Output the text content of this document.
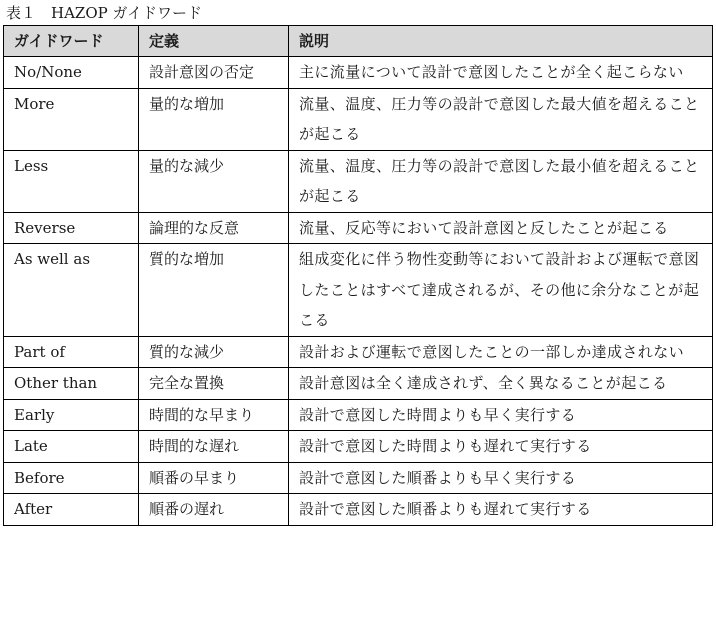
表１　HAZOP ガイドワード
ガイドワード	定義	説明
No/None	設計意図の否定	主に流量について設計で意図したことが全く起こらない
More	量的な増加	流量、温度、圧力等の設計で意図した最大値を超えることが起こる
Less	量的な減少	流量、温度、圧力等の設計で意図した最小値を超えることが起こる
Reverse	論理的な反意	流量、反応等において設計意図と反したことが起こる
As well as	質的な増加	組成変化に伴う物性変動等において設計および運転で意図したことはすべて達成されるが、その他に余分なことが起こる
Part of	質的な減少	設計および運転で意図したことの一部しか達成されない
Other than	完全な置換	設計意図は全く達成されず、全く異なることが起こる
Early	時間的な早まり	設計で意図した時間よりも早く実行する
Late	時間的な遅れ	設計で意図した時間よりも遅れて実行する
Before	順番の早まり	設計で意図した順番よりも早く実行する
After	順番の遅れ	設計で意図した順番よりも遅れて実行する
